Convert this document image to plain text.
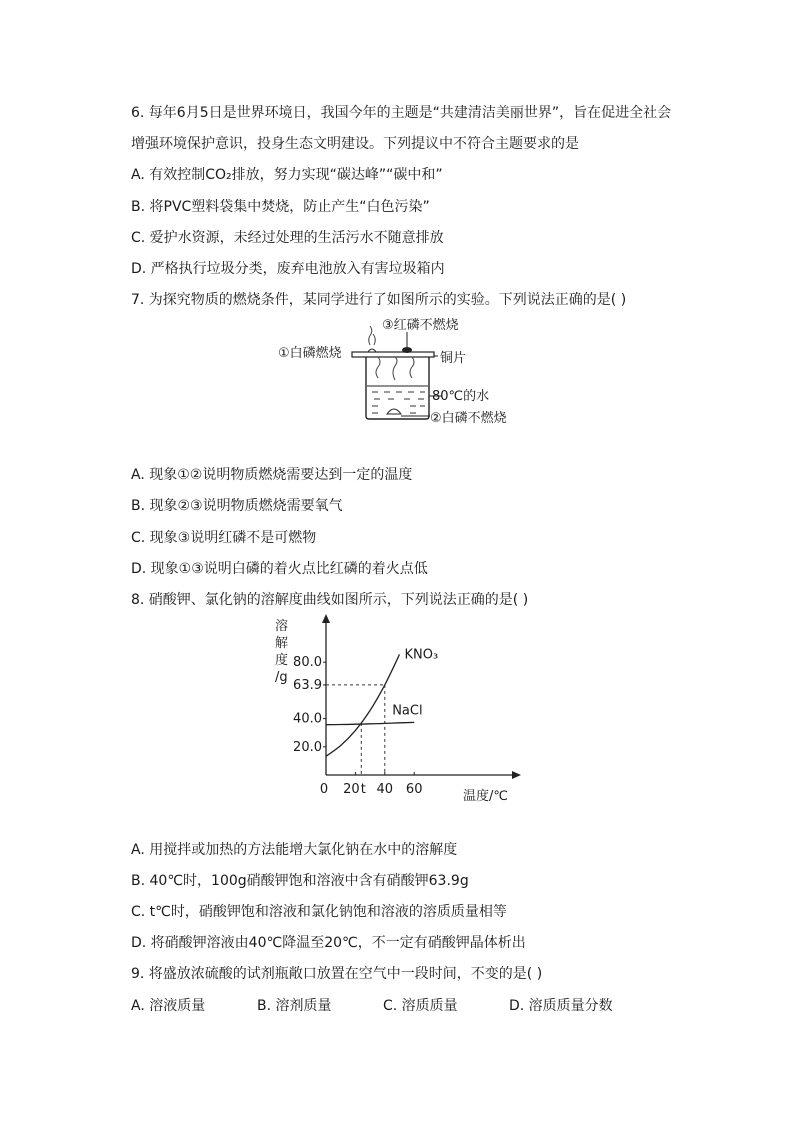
6. 每年6月5日是世界环境日，我国今年的主题是“共建清洁美丽世界”，旨在促进全社会
增强环境保护意识，投身生态文明建设。下列提议中不符合主题要求的是
A. 有效控制CO₂排放，努力实现“碳达峰”“碳中和”
B. 将PVC塑料袋集中焚烧，防止产生“白色污染”
C. 爱护水资源，未经过处理的生活污水不随意排放
D. 严格执行垃圾分类，废弃电池放入有害垃圾箱内
7. 为探究物质的燃烧条件，某同学进行了如图所示的实验。下列说法正确的是( )
③红磷不燃烧
①白磷燃烧	铜片
80℃的水
②白磷不燃烧
A. 现象①②说明物质燃烧需要达到一定的温度
B. 现象②③说明物质燃烧需要氧气
C. 现象③说明红磷不是可燃物
D. 现象①③说明白磷的着火点比红磷的着火点低
8. 硝酸钾、氯化钠的溶解度曲线如图所示，下列说法正确的是( )
KNO₃
NaCl
20.0
40.0
63.9
80.0
0 20 t 40 60
溶
解
度
/g
温度/℃
A. 用搅拌或加热的方法能增大氯化钠在水中的溶解度
B. 40℃时，100g硝酸钾饱和溶液中含有硝酸钾63.9g
C. t℃时，硝酸钾饱和溶液和氯化钠饱和溶液的溶质质量相等
D. 将硝酸钾溶液由40℃降温至20℃，不一定有硝酸钾晶体析出
9. 将盛放浓硫酸的试剂瓶敞口放置在空气中一段时间，不变的是( )
A. 溶液质量	B. 溶剂质量	C. 溶质质量	D. 溶质质量分数
